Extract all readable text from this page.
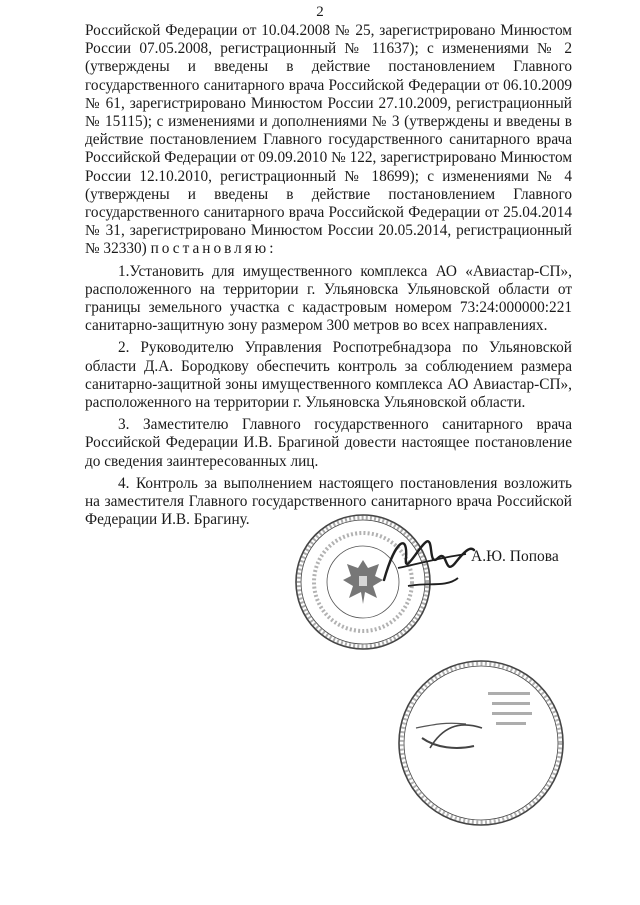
2

Российской Федерации от 10.04.2008 № 25, зарегистрировано Минюстом России 07.05.2008, регистрационный № 11637); с изменениями № 2 (утверждены и введены в действие постановлением Главного государственного санитарного врача Российской Федерации от 06.10.2009 № 61, зарегистрировано Минюстом России 27.10.2009, регистрационный № 15115); с изменениями и дополнениями № 3 (утверждены и введены в действие постановлением Главного государственного санитарного врача Российской Федерации от 09.09.2010 № 122, зарегистрировано Минюстом России 12.10.2010, регистрационный № 18699); с изменениями № 4 (утверждены и введены в действие постановлением Главного государственного санитарного врача Российской Федерации от 25.04.2014 № 31, зарегистрировано Минюстом России 20.05.2014, регистрационный № 32330) постановляю:

1.Установить для имущественного комплекса АО «Авиастар-СП», расположенного на территории г. Ульяновска Ульяновской области от границы земельного участка с кадастровым номером 73:24:000000:221 санитарно-защитную зону размером 300 метров во всех направлениях.

2. Руководителю Управления Роспотребнадзора по Ульяновской области Д.А. Бородкову обеспечить контроль за соблюдением размера санитарно-защитной зоны имущественного комплекса АО Авиастар-СП», расположенного на территории г. Ульяновска Ульяновской области.

3. Заместителю Главного государственного санитарного врача Российской Федерации И.В. Брагиной довести настоящее постановление до сведения заинтересованных лиц.

4. Контроль за выполнением настоящего постановления возложить на заместителя Главного государственного санитарного врача Российской Федерации И.В. Брагину.

А.Ю. Попова
